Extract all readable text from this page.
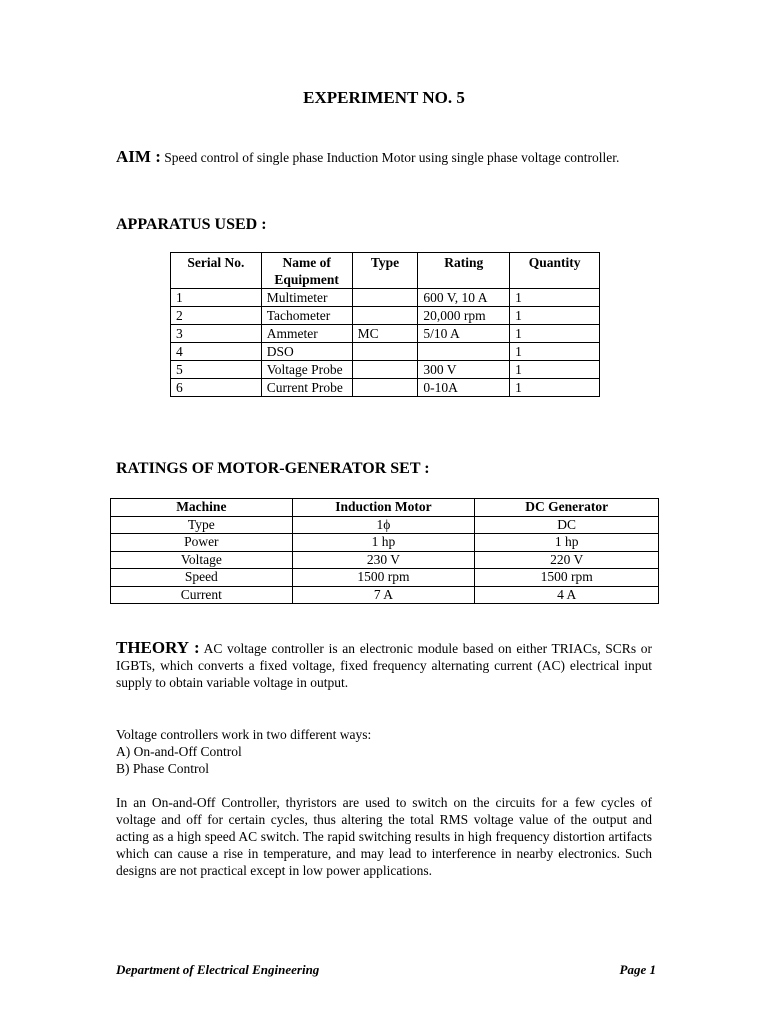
EXPERIMENT NO. 5
AIM : Speed control of single phase Induction Motor using single phase voltage controller.
APPARATUS USED :
Serial No.	Name of Equipment	Type	Rating	Quantity
1	Multimeter		600 V, 10 A	1
2	Tachometer		20,000 rpm	1
3	Ammeter	MC	5/10 A	1
4	DSO			1
5	Voltage Probe		300 V	1
6	Current Probe		0-10A	1
RATINGS OF MOTOR-GENERATOR SET :
Machine	Induction Motor	DC Generator
Type	1ϕ	DC
Power	1 hp	1 hp
Voltage	230 V	220 V
Speed	1500 rpm	1500 rpm
Current	7 A	4 A
THEORY : AC voltage controller is an electronic module based on either TRIACs, SCRs or IGBTs, which converts a fixed voltage, fixed frequency alternating current (AC) electrical input supply to obtain variable voltage in output.
Voltage controllers work in two different ways:
A) On-and-Off Control
B) Phase Control
In an On-and-Off Controller, thyristors are used to switch on the circuits for a few cycles of voltage and off for certain cycles, thus altering the total RMS voltage value of the output and acting as a high speed AC switch. The rapid switching results in high frequency distortion artifacts which can cause a rise in temperature, and may lead to interference in nearby electronics. Such designs are not practical except in low power applications.
Department of Electrical Engineering	Page 1
